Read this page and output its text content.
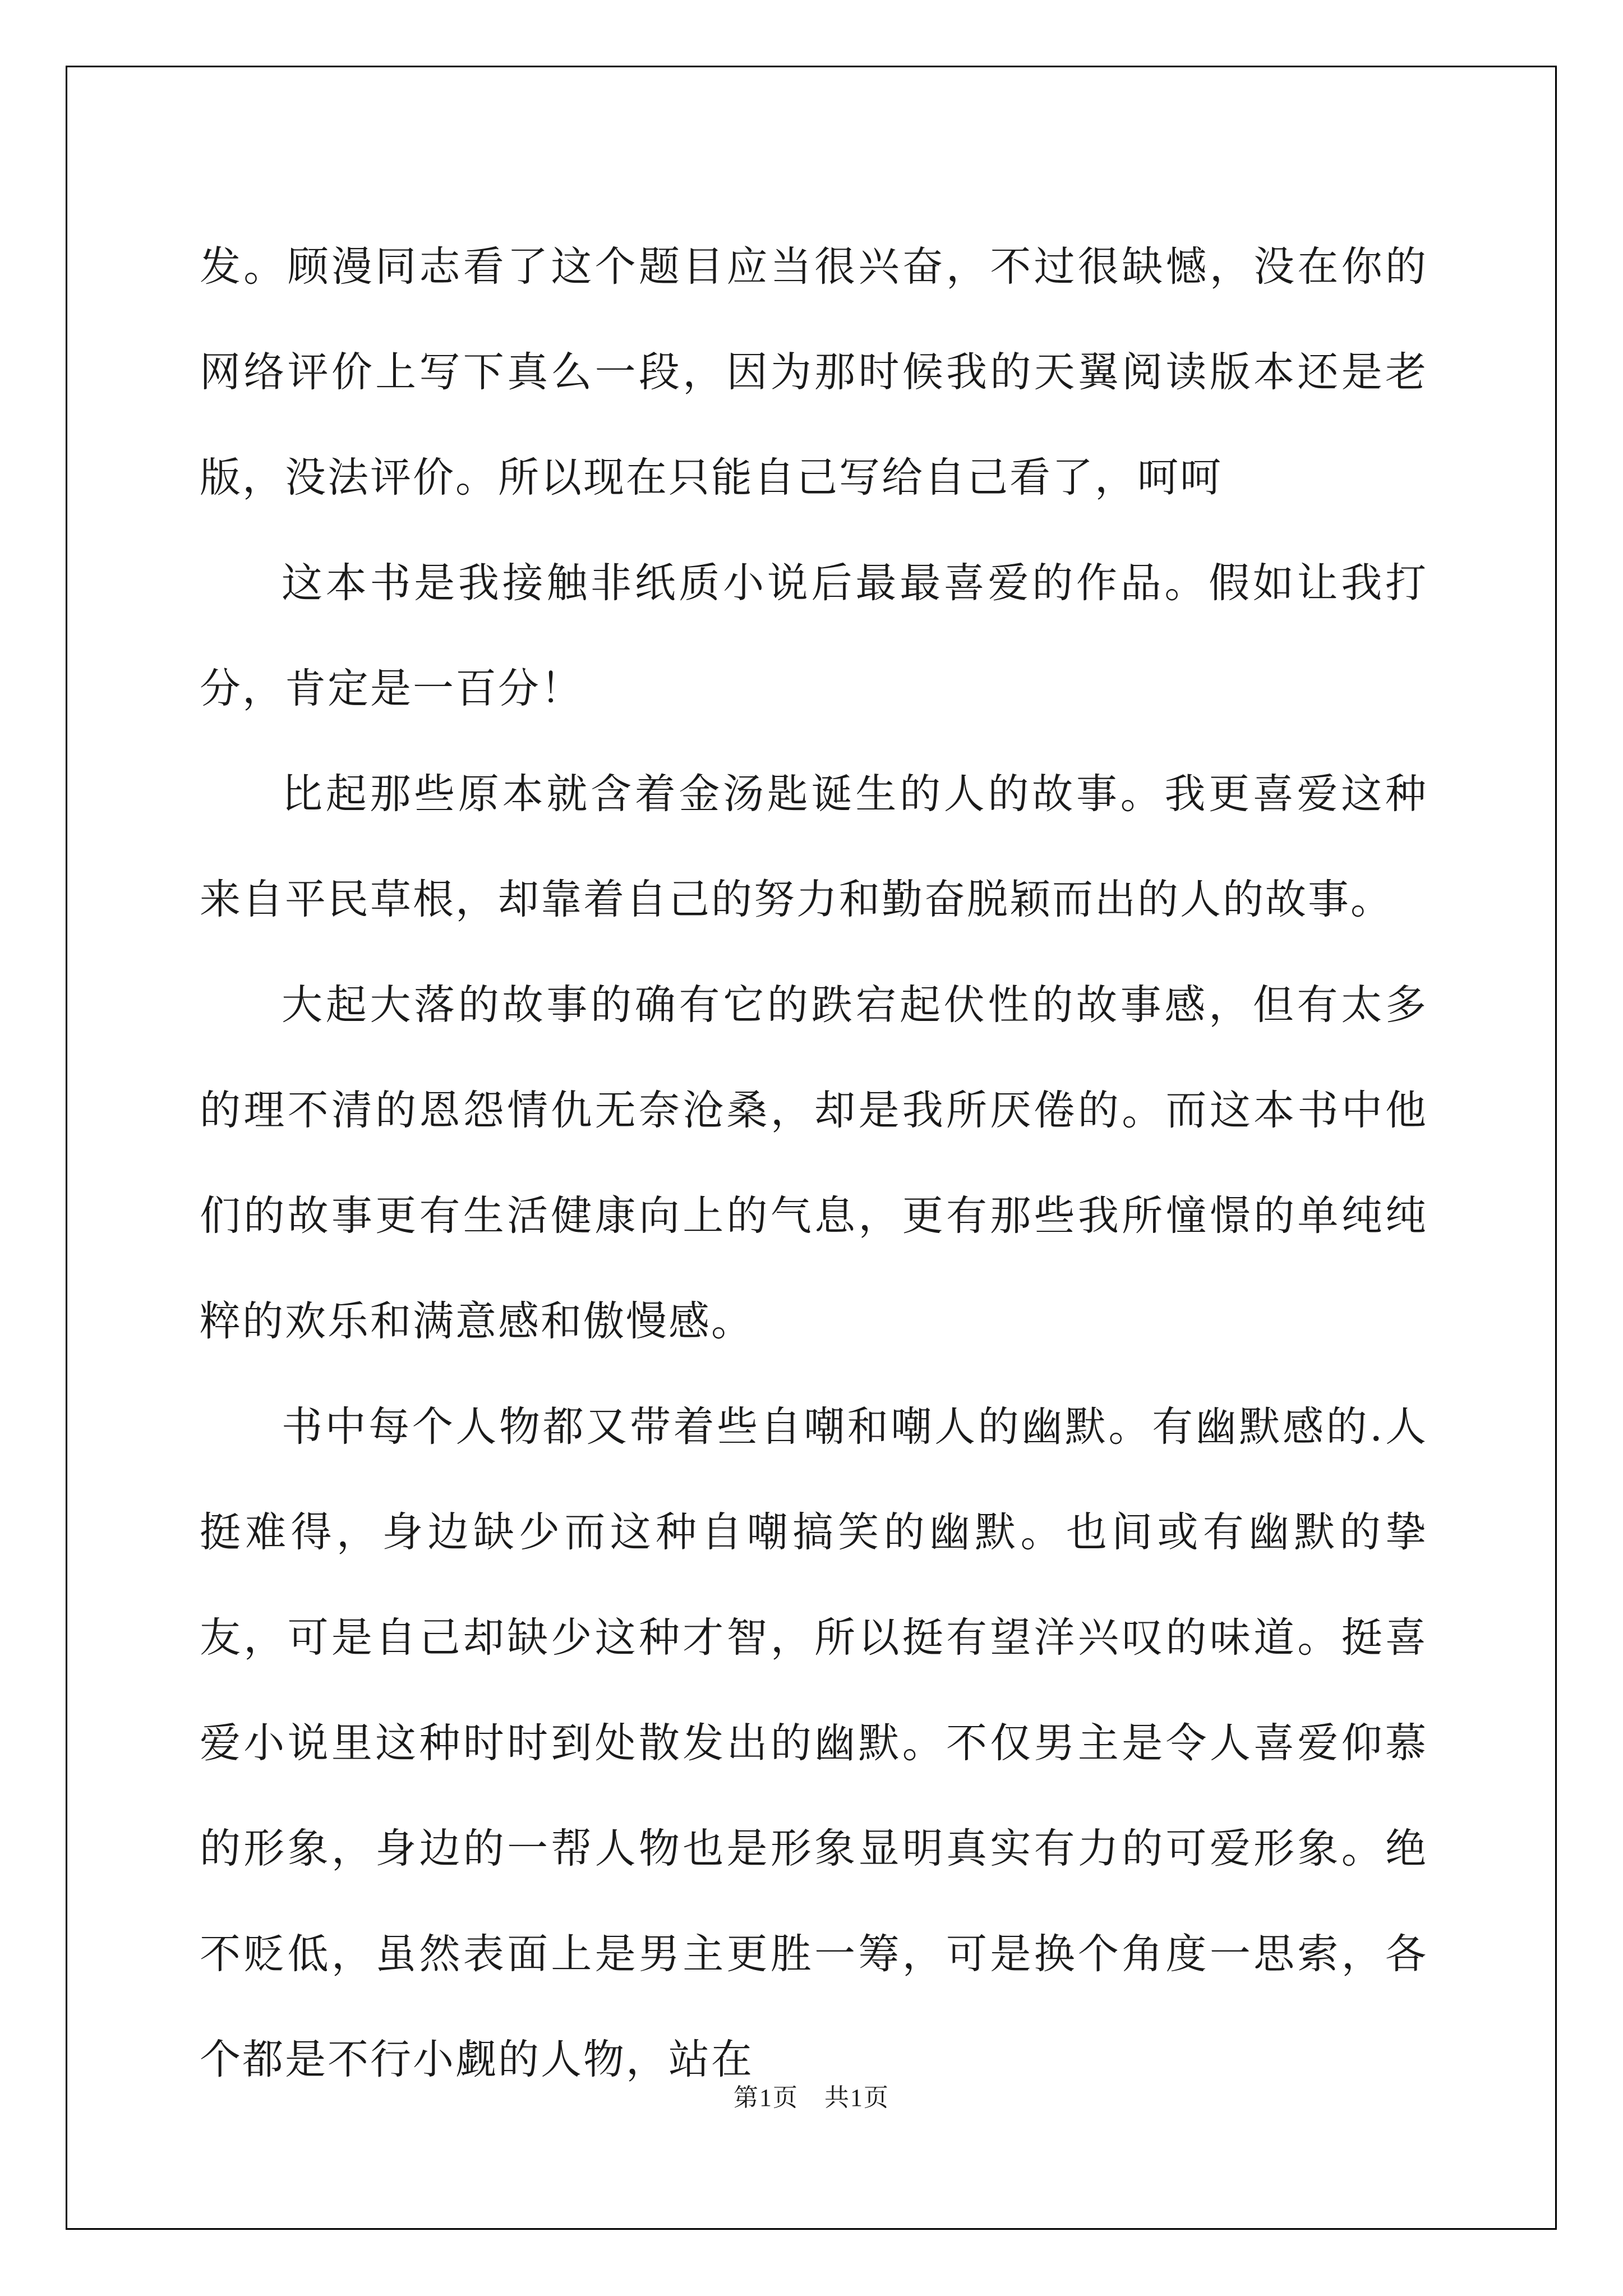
发。顾漫同志看了这个题目应当很兴奋，不过很缺憾，没在你的网络评价上写下真么一段，因为那时候我的天翼阅读版本还是老版，没法评价。所以现在只能自己写给自己看了，呵呵

这本书是我接触非纸质小说后最最喜爱的作品。假如让我打分，肯定是一百分！

比起那些原本就含着金汤匙诞生的人的故事。我更喜爱这种来自平民草根，却靠着自己的努力和勤奋脱颖而出的人的故事。

大起大落的故事的确有它的跌宕起伏性的故事感，但有太多的理不清的恩怨情仇无奈沧桑，却是我所厌倦的。而这本书中他们的故事更有生活健康向上的气息，更有那些我所憧憬的单纯纯粹的欢乐和满意感和傲慢感。

书中每个人物都又带着些自嘲和嘲人的幽默。有幽默感的.人挺难得，身边缺少而这种自嘲搞笑的幽默。也间或有幽默的挚友，可是自己却缺少这种才智，所以挺有望洋兴叹的味道。挺喜爱小说里这种时时到处散发出的幽默。不仅男主是令人喜爱仰慕的形象，身边的一帮人物也是形象显明真实有力的可爱形象。绝不贬低，虽然表面上是男主更胜一筹，可是换个角度一思索，各个都是不行小觑的人物，站在

第1页　共1页
